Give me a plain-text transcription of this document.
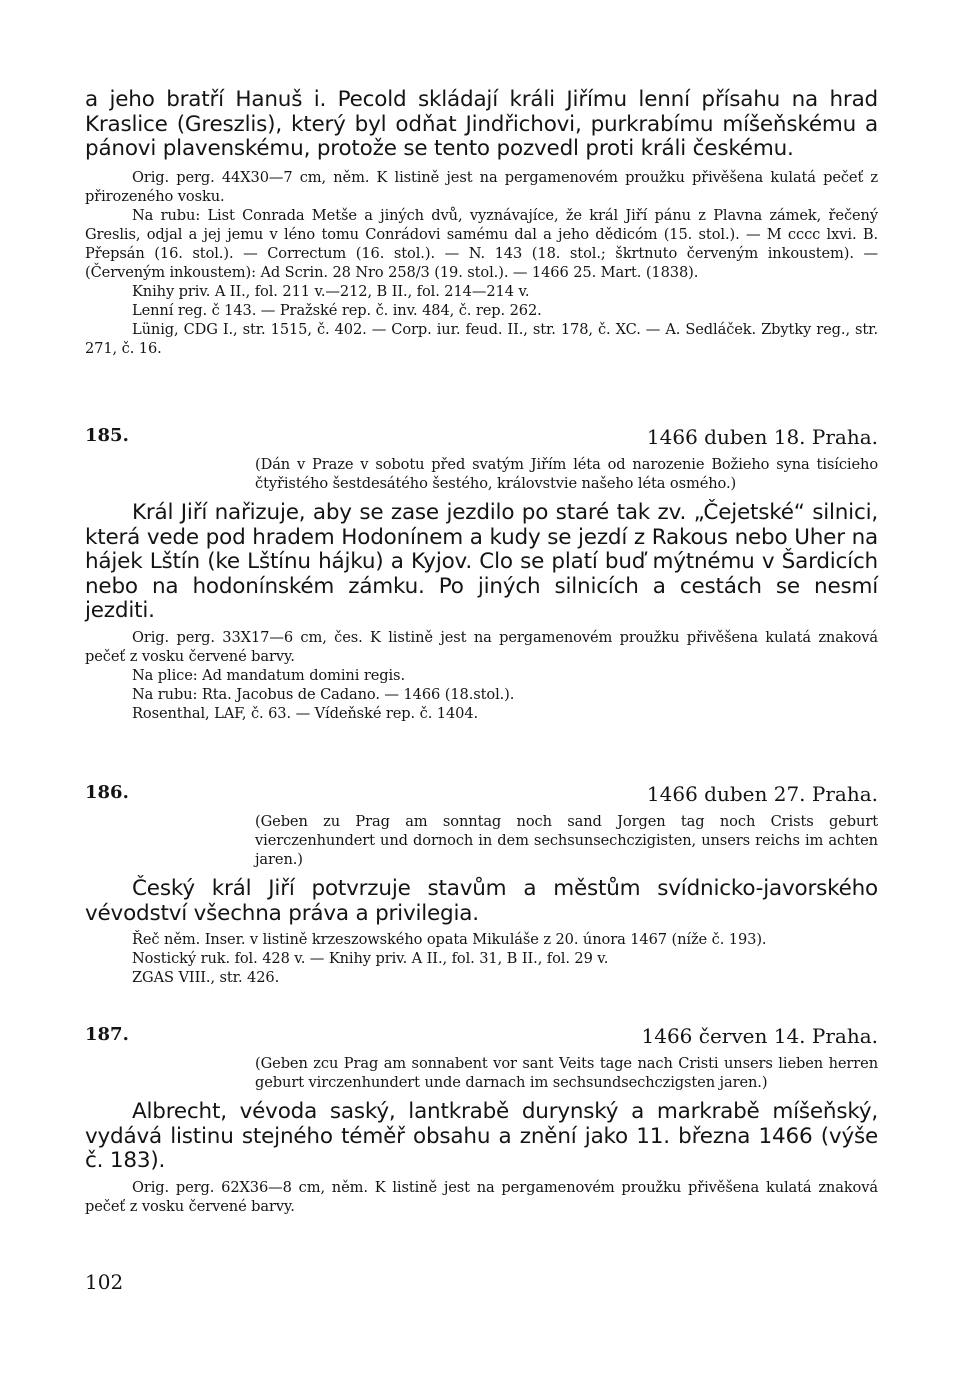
a jeho bratří Hanuš i. Pecold skládají králi Jiřímu lenní přísahu na hrad Kraslice (Greszlis), který byl odňat Jindřichovi, purkrabímu míšeňskému a pánovi plavenskému, protože se tento pozvedl proti králi českému.

Orig. perg. 44X30—7 cm, něm. K listině jest na pergamenovém proužku přivěšena kulatá pečeť z přirozeného vosku.

Na rubu: List Conrada Metše a jiných dvů, vyznávajíce, že král Jiří pánu z Plavna zámek, řečený Greslis, odjal a jej jemu v léno tomu Conrádovi samému dal a jeho dědicóm (15. stol.). — M cccc lxvi. B. Přepsán (16. stol.). — Correctum (16. stol.). — N. 143 (18. stol.; škrtnuto červeným inkoustem). — (Červeným inkoustem): Ad Scrin. 28 Nro 258/3 (19. stol.). — 1466 25. Mart. (1838).

Knihy priv. A II., fol. 211 v.—212, B II., fol. 214—214 v.

Lenní reg. č 143. — Pražské rep. č. inv. 484, č. rep. 262.

Lünig, CDG I., str. 1515, č. 402. — Corp. iur. feud. II., str. 178, č. XC. — A. Sedláček. Zbytky reg., str. 271, č. 16.

185.	1466 duben 18. Praha.

(Dán v Praze v sobotu před svatým Jiřím léta od narozenie Božieho syna tisícieho čtyřistého šestdesátého šestého, královstvie našeho léta osmého.)

Král Jiří nařizuje, aby se zase jezdilo po staré tak zv. „Čejetské“ silnici, která vede pod hradem Hodonínem a kudy se jezdí z Rakous nebo Uher na hájek Lštín (ke Lštínu hájku) a Kyjov. Clo se platí buď mýtnému v Šardicích nebo na hodonínském zámku. Po jiných silnicích a cestách se nesmí jezditi.

Orig. perg. 33X17—6 cm, čes. K listině jest na pergamenovém proužku přivěšena kulatá znaková pečeť z vosku červené barvy.

Na plice: Ad mandatum domini regis.

Na rubu: Rta. Jacobus de Cadano. — 1466 (18.stol.).

Rosenthal, LAF, č. 63. — Vídeňské rep. č. 1404.

186.	1466 duben 27. Praha.

(Geben zu Prag am sonntag noch sand Jorgen tag noch Crists geburt vierczenhundert und dornoch in dem sechsunsechczigisten, unsers reichs im achten jaren.)

Český král Jiří potvrzuje stavům a městům svídnicko-javorského vévodství všechna práva a privilegia.

Řeč něm. Inser. v listině krzeszowského opata Mikuláše z 20. února 1467 (níže č. 193).

Nostický ruk. fol. 428 v. — Knihy priv. A II., fol. 31, B II., fol. 29 v.

ZGAS VIII., str. 426.

187.	1466 červen 14. Praha.

(Geben zcu Prag am sonnabent vor sant Veits tage nach Cristi unsers lieben herren geburt virczenhundert unde darnach im sechsundsechczigsten jaren.)

Albrecht, vévoda saský, lantkrabě durynský a markrabě míšeňský, vydává listinu stejného téměř obsahu a znění jako 11. března 1466 (výše č. 183).

Orig. perg. 62X36—8 cm, něm. K listině jest na pergamenovém proužku přivěšena kulatá znaková pečeť z vosku červené barvy.

102
